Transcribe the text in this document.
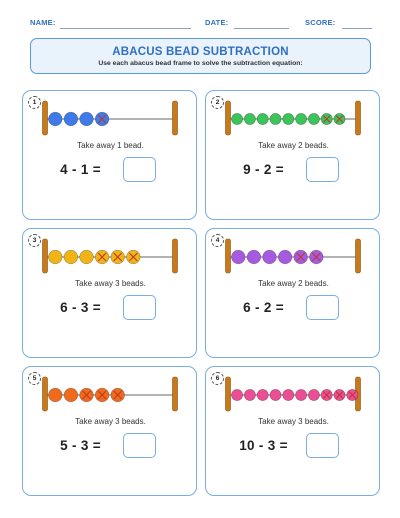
NAME:	DATE:	SCORE:
ABACUS BEAD SUBTRACTION
Use each abacus bead frame to solve the subtraction equation:
1
Take away 1 bead.
4 - 1 =
2
Take away 2 beads.
9 - 2 =
3
Take away 3 beads.
6 - 3 =
4
Take away 2 beads.
6 - 2 =
5
Take away 3 beads.
5 - 3 =
6
Take away 3 beads.
10 - 3 =
